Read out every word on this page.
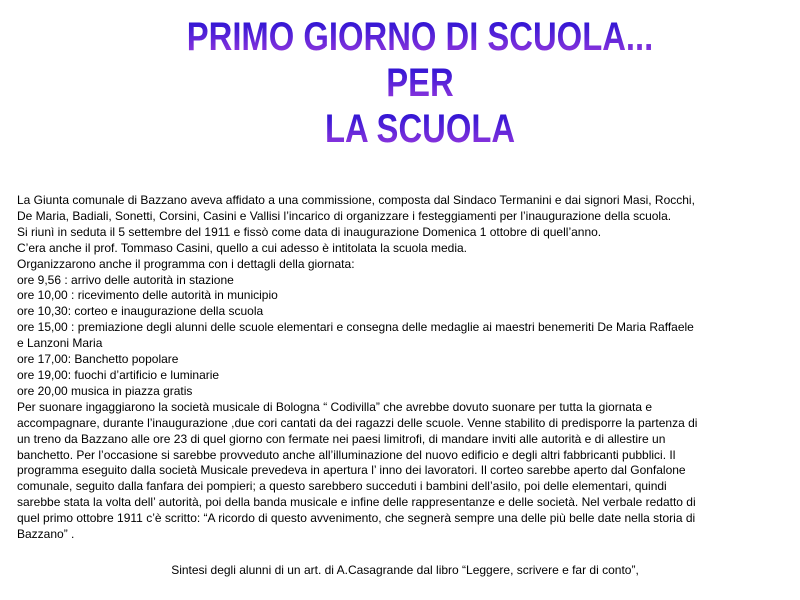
PRIMO GIORNO DI SCUOLA...
PER
LA SCUOLA

La Giunta comunale di Bazzano aveva affidato a una commissione, composta dal Sindaco Termanini e dai signori Masi, Rocchi,

De Maria, Badiali, Sonetti, Corsini, Casini e Vallisi l’incarico di organizzare i festeggiamenti per l’inaugurazione della scuola.

Si riunì in seduta il 5 settembre del 1911 e fissò come data di inaugurazione Domenica 1 ottobre di quell’anno.

C’era anche il prof. Tommaso Casini, quello a cui adesso è intitolata la scuola media.

Organizzarono anche il programma con i dettagli della giornata:

ore 9,56 : arrivo delle autorità in stazione

ore 10,00 : ricevimento delle autorità in municipio

ore 10,30: corteo e inaugurazione della scuola

ore 15,00 : premiazione degli alunni delle scuole elementari e consegna delle medaglie ai maestri benemeriti De Maria Raffaele

e Lanzoni Maria

ore 17,00: Banchetto popolare

ore 19,00: fuochi d’artificio e luminarie

ore 20,00 musica in piazza gratis

Per suonare ingaggiarono la società musicale di Bologna “ Codivilla” che avrebbe dovuto suonare per tutta la giornata e

accompagnare, durante l’inaugurazione ,due cori cantati da dei ragazzi delle scuole. Venne stabilito di predisporre la partenza di

un treno da Bazzano alle ore 23 di quel giorno con fermate nei paesi limitrofi, di mandare inviti alle autorità e di allestire un

banchetto. Per l’occasione si sarebbe provveduto anche all’illuminazione del nuovo edificio e degli altri fabbricanti pubblici. Il

programma eseguito dalla società Musicale prevedeva in apertura l’ inno dei lavoratori. Il corteo sarebbe aperto dal Gonfalone

comunale, seguito dalla fanfara dei pompieri; a questo sarebbero succeduti i bambini dell’asilo, poi delle elementari, quindi

sarebbe stata la volta dell’ autorità, poi della banda musicale e infine delle rappresentanze e delle società. Nel verbale redatto di

quel primo ottobre 1911 c’è scritto: “A ricordo di questo avvenimento, che segnerà sempre una delle più belle date nella storia di

Bazzano” .

Sintesi degli alunni di un art. di A.Casagrande dal libro “Leggere, scrivere e far di conto”,
